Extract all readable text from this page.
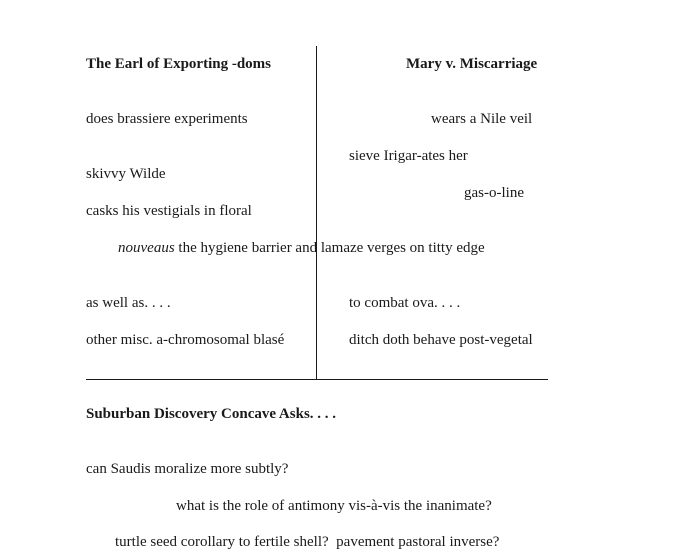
The Earl of Exporting -doms
does brassiere experiments
skivvy Wilde
casks his vestigials in floral
as well as. . . .
other misc. a-chromosomal blasé
Mary v. Miscarriage
wears a Nile veil
sieve Irigar-ates her
gas-o-line
to combat ova. . . .
ditch doth behave post-vegetal
nouveaus the hygiene barrier and lamaze verges on titty edge
Suburban Discovery Concave Asks. . . .
can Saudis moralize more subtly?
what is the role of antimony vis-à-vis the inanimate?
turtle seed corollary to fertile shell?  pavement pastoral inverse?
